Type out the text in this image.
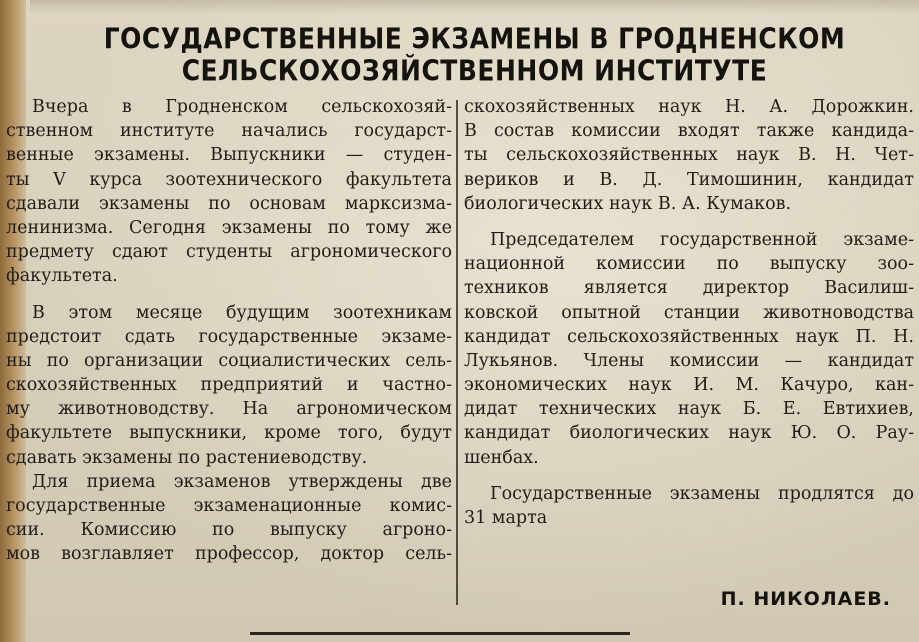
ГОСУДАРСТВЕННЫЕ ЭКЗАМЕНЫ В ГРОДНЕНСКОМ
СЕЛЬСКОХОЗЯЙСТВЕННОМ ИНСТИТУТЕ
Вчера в Гродненском сельскохозяй-
ственном институте начались государст-
венные экзамены. Выпускники — студен-
ты V курса зоотехнического факультета
сдавали экзамены по основам марксизма-
ленинизма. Сегодня экзамены по тому же
предмету сдают студенты агрономического
факультета.
В этом месяце будущим зоотехникам
предстоит сдать государственные экзаме-
ны по организации социалистических сель-
скохозяйственных предприятий и частно-
му животноводству. На агрономическом
факультете выпускники, кроме того, будут
сдавать экзамены по растениеводству.
Для приема экзаменов утверждены две
государственные экзаменационные комис-
сии. Комиссию по выпуску агроно-
мов возглавляет профессор, доктор сель-
скохозяйственных наук Н. А. Дорожкин.
В состав комиссии входят также кандида-
ты сельскохозяйственных наук В. Н. Чет-
вериков и В. Д. Тимошинин, кандидат
биологических наук В. А. Кумаков.
Председателем государственной экзаме-
национной комиссии по выпуску зоо-
техников является директор Василиш-
ковской опытной станции животноводства
кандидат сельскохозяйственных наук П. Н.
Лукьянов. Члены комиссии — кандидат
экономических наук И. М. Качуро, кан-
дидат технических наук Б. Е. Евтихиев,
кандидат биологических наук Ю. О. Рау-
шенбах.
Государственные экзамены продлятся до
31 марта
П. НИКОЛАЕВ.
